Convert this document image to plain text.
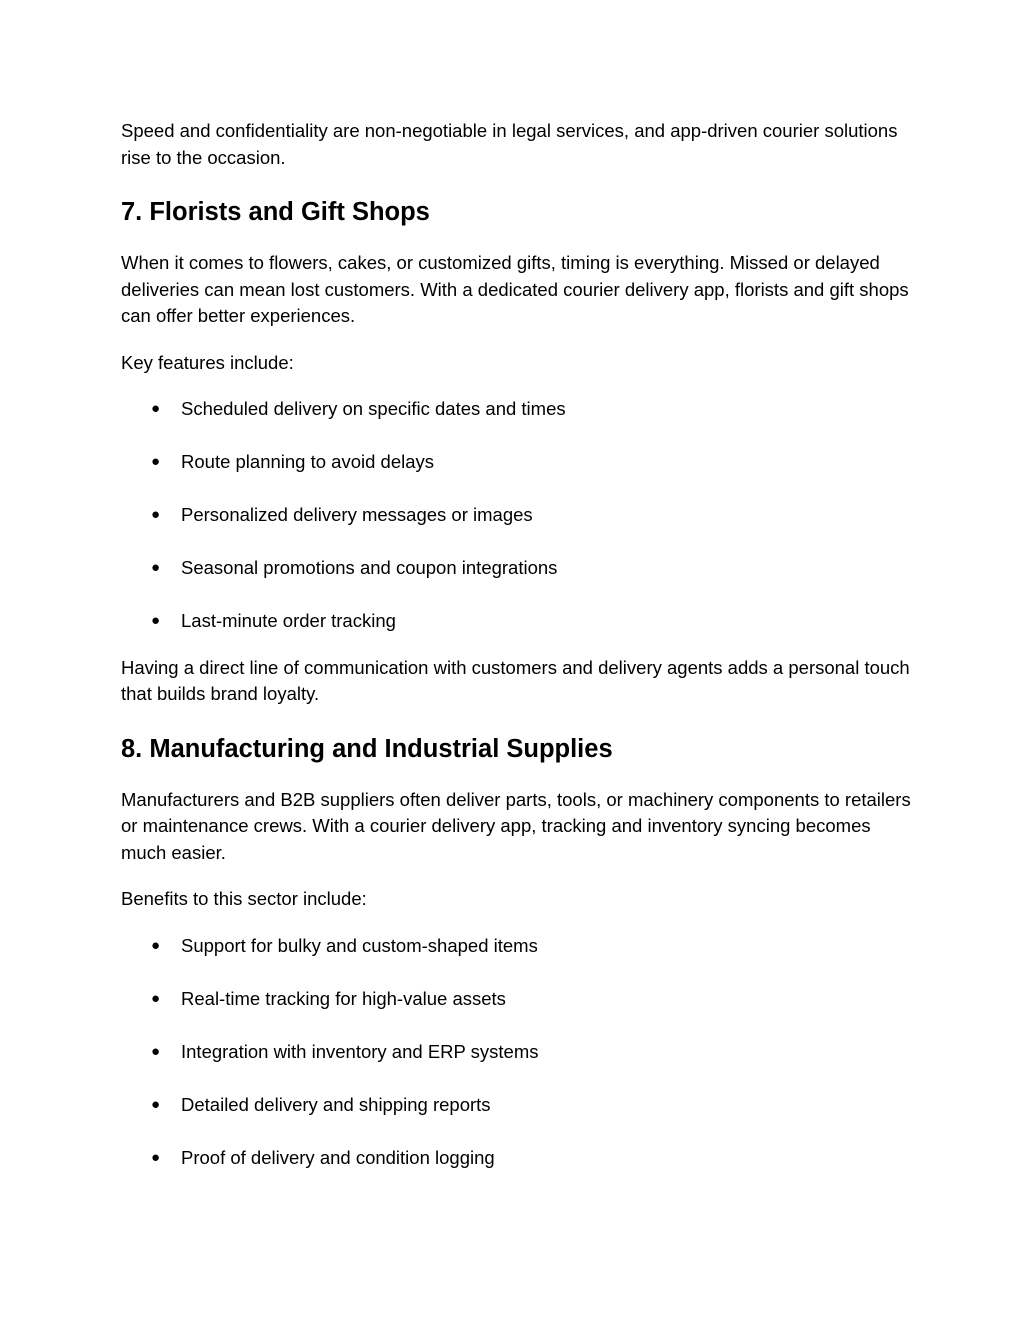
Speed and confidentiality are non-negotiable in legal services, and app-driven courier solutions rise to the occasion.

7. Florists and Gift Shops

When it comes to flowers, cakes, or customized gifts, timing is everything. Missed or delayed deliveries can mean lost customers. With a dedicated courier delivery app, florists and gift shops can offer better experiences.

Key features include:

● Scheduled delivery on specific dates and times
● Route planning to avoid delays
● Personalized delivery messages or images
● Seasonal promotions and coupon integrations
● Last-minute order tracking

Having a direct line of communication with customers and delivery agents adds a personal touch that builds brand loyalty.

8. Manufacturing and Industrial Supplies

Manufacturers and B2B suppliers often deliver parts, tools, or machinery components to retailers or maintenance crews. With a courier delivery app, tracking and inventory syncing becomes much easier.

Benefits to this sector include:

● Support for bulky and custom-shaped items
● Real-time tracking for high-value assets
● Integration with inventory and ERP systems
● Detailed delivery and shipping reports
● Proof of delivery and condition logging
